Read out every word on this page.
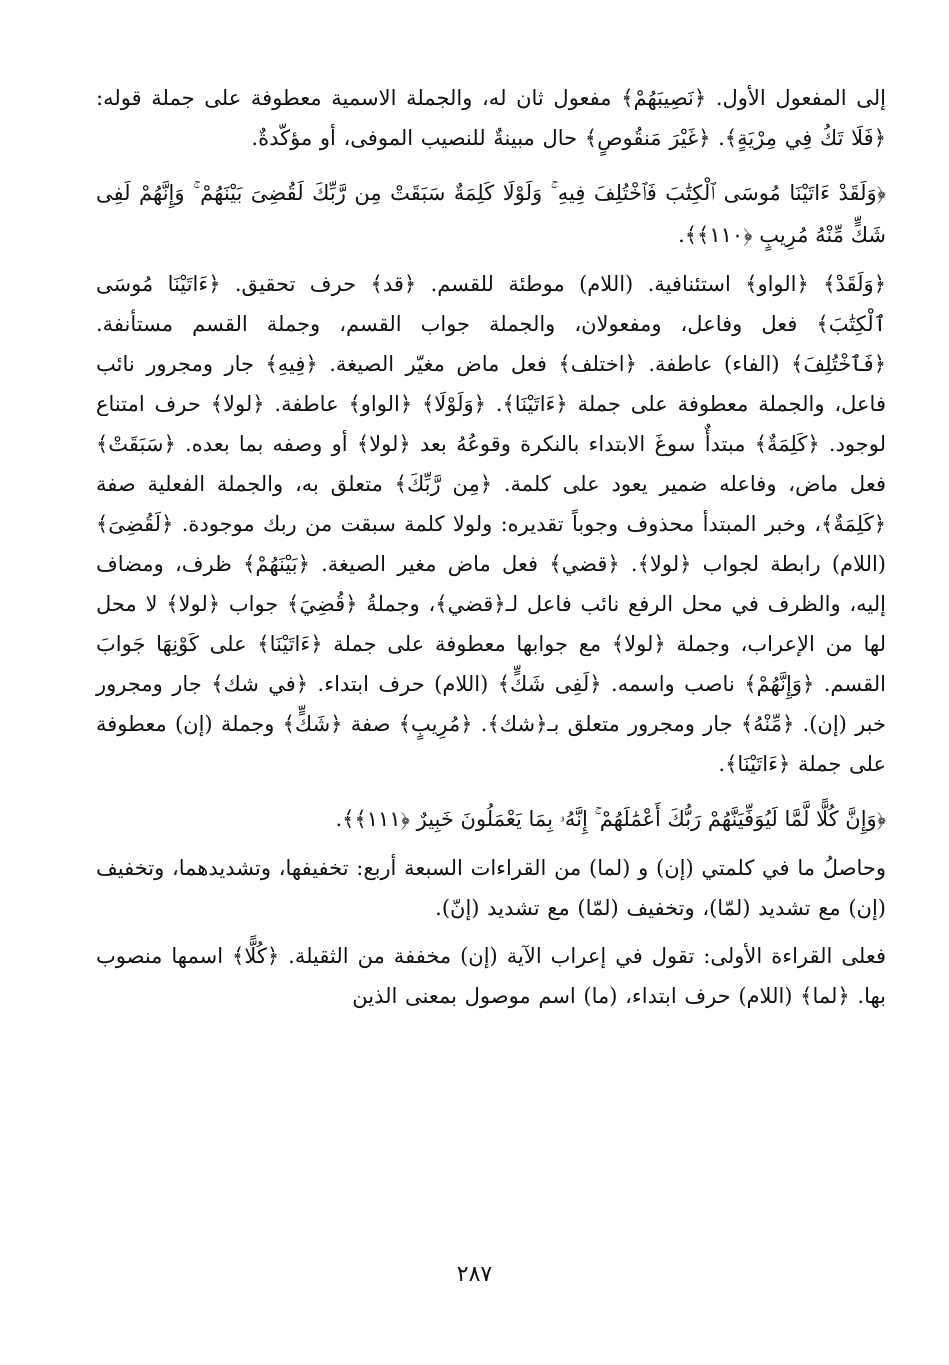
إلى المفعول الأول. ﴿نَصِيبَهُمْ﴾ مفعول ثان له، والجملة الاسمية معطوفة على جملة قوله: ﴿فَلَا تَكُ فِي مِرْيَةٍ﴾. ﴿غَيْرَ مَنقُوصٍ﴾ حال مبينةٌ للنصيب الموفى، أو مؤكّدةٌ.

﴿وَلَقَدْ ءَاتَيْنَا مُوسَى ٱلْكِتَٰبَ فَٱخْتُلِفَ فِيهِ ۚ وَلَوْلَا كَلِمَةٌ سَبَقَتْ مِن رَّبِّكَ لَقُضِىَ بَيْنَهُمْ ۚ وَإِنَّهُمْ لَفِى شَكٍّ مِّنْهُ مُرِيبٍ ﴿١١٠﴾﴾.

﴿وَلَقَدْ﴾ ﴿الواو﴾ استئنافية. (اللام) موطئة للقسم. ﴿قد﴾ حرف تحقيق. ﴿ءَاتَيْنَا مُوسَى ٱلْكِتَٰبَ﴾ فعل وفاعل، ومفعولان، والجملة جواب القسم، وجملة القسم مستأنفة. ﴿فَٱخْتُلِفَ﴾ (الفاء) عاطفة. ﴿اختلف﴾ فعل ماض مغيّر الصيغة. ﴿فِيهِ﴾ جار ومجرور نائب فاعل، والجملة معطوفة على جملة ﴿ءَاتَيْنَا﴾. ﴿وَلَوْلَا﴾ ﴿الواو﴾ عاطفة. ﴿لولا﴾ حرف امتناع لوجود. ﴿كَلِمَةٌ﴾ مبتدأٌ سوغَ الابتداء بالنكرة وقوعُهُ بعد ﴿لولا﴾ أو وصفه بما بعده. ﴿سَبَقَتْ﴾ فعل ماض، وفاعله ضمير يعود على كلمة. ﴿مِن رَّبِّكَ﴾ متعلق به، والجملة الفعلية صفة ﴿كَلِمَةٌ﴾، وخبر المبتدأ محذوف وجوباً تقديره: ولولا كلمة سبقت من ربك موجودة. ﴿لَقُضِىَ﴾ (اللام) رابطة لجواب ﴿لولا﴾. ﴿قضي﴾ فعل ماض مغير الصيغة. ﴿بَيْنَهُمْ﴾ ظرف، ومضاف إليه، والظرف في محل الرفع نائب فاعل لـ﴿قضي﴾، وجملةُ ﴿قُضِيَ﴾ جواب ﴿لولا﴾ لا محل لها من الإعراب، وجملة ﴿لولا﴾ مع جوابها معطوفة على جملة ﴿ءَاتَيْنَا﴾ على كَوْنِهَا جَوابَ القسم. ﴿وَإِنَّهُمْ﴾ ناصب واسمه. ﴿لَفِى شَكٍّ﴾ (اللام) حرف ابتداء. ﴿في شك﴾ جار ومجرور خبر (إن). ﴿مِّنْهُ﴾ جار ومجرور متعلق بـ﴿شك﴾. ﴿مُرِيبٍ﴾ صفة ﴿شَكٍّ﴾ وجملة (إن) معطوفة على جملة ﴿ءَاتَيْنَا﴾.

﴿وَإِنَّ كُلًّا لَّمَّا لَيُوَفِّيَنَّهُمْ رَبُّكَ أَعْمَٰلَهُمْ ۚ إِنَّهُۥ بِمَا يَعْمَلُونَ خَبِيرٌ ﴿١١١﴾﴾.

وحاصلُ ما في كلمتي (إن) و (لما) من القراءات السبعة أربع: تخفيفها، وتشديدهما، وتخفيف (إن) مع تشديد (لمّا)، وتخفيف (لمّا) مع تشديد (إنّ).

فعلى القراءة الأولى: تقول في إعراب الآية (إن) مخففة من الثقيلة. ﴿كُلًّا﴾ اسمها منصوب بها. ﴿لما﴾ (اللام) حرف ابتداء، (ما) اسم موصول بمعنى الذين

٢٨٧
